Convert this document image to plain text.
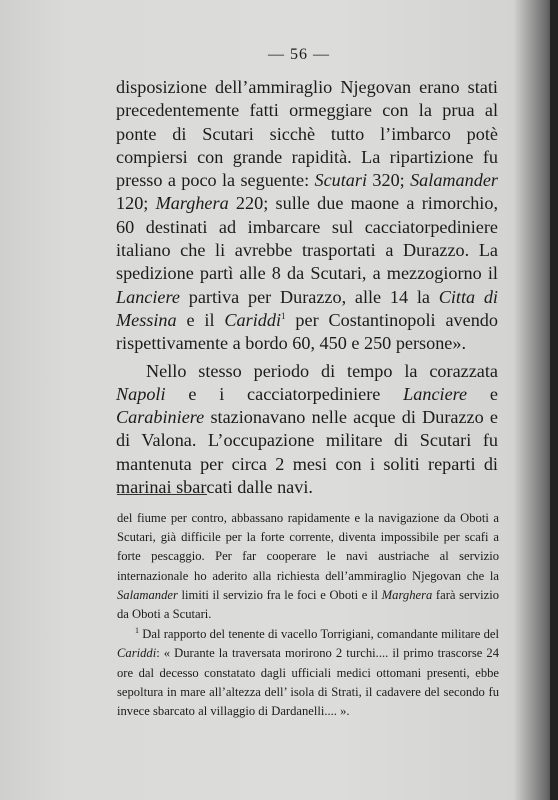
— 56 —

disposizione dell’ammiraglio Njegovan erano stati precedentemente fatti ormeggiare con la prua al ponte di Scutari sicchè tutto l’imbarco potè compiersi con grande rapidità. La ripartizione fu presso a poco la seguente: Scutari 320; Salamander 120; Marghera 220; sulle due maone a rimorchio, 60 destinati ad imbarcare sul cacciatorpediniere italiano che li avrebbe trasportati a Durazzo. La spedizione partì alle 8 da Scutari, a mezzogiorno il Lanciere partiva per Durazzo, alle 14 la Citta di Messina e il Cariddi$^1$ per Costantinopoli avendo rispettivamente a bordo 60, 450 e 250 persone».

Nello stesso periodo di tempo la corazzata Napoli e i cacciatorpediniere Lanciere e Carabiniere stazionavano nelle acque di Durazzo e di Valona. L’occupazione militare di Scutari fu mantenuta per circa 2 mesi con i soliti reparti di marinai sbarcati dalle navi.

del fiume per contro, abbassano rapidamente e la navigazione da Oboti a Scutari, già difficile per la forte corrente, diventa impossibile per scafi a forte pescaggio. Per far cooperare le navi austriache al servizio internazionale ho aderito alla richiesta dell’ammiraglio Njegovan che la Salamander limiti il servizio fra le foci e Oboti e il Marghera farà servizio da Oboti a Scutari.

$^1$ Dal rapporto del tenente di vacello Torrigiani, comandante militare del Cariddi: « Durante la traversata morirono 2 turchi.... il primo trascorse 24 ore dal decesso constatato dagli ufficiali medici ottomani presenti, ebbe sepoltura in mare all’altezza dell’ isola di Strati, il cadavere del secondo fu invece sbarcato al villaggio di Dardanelli.... ».
